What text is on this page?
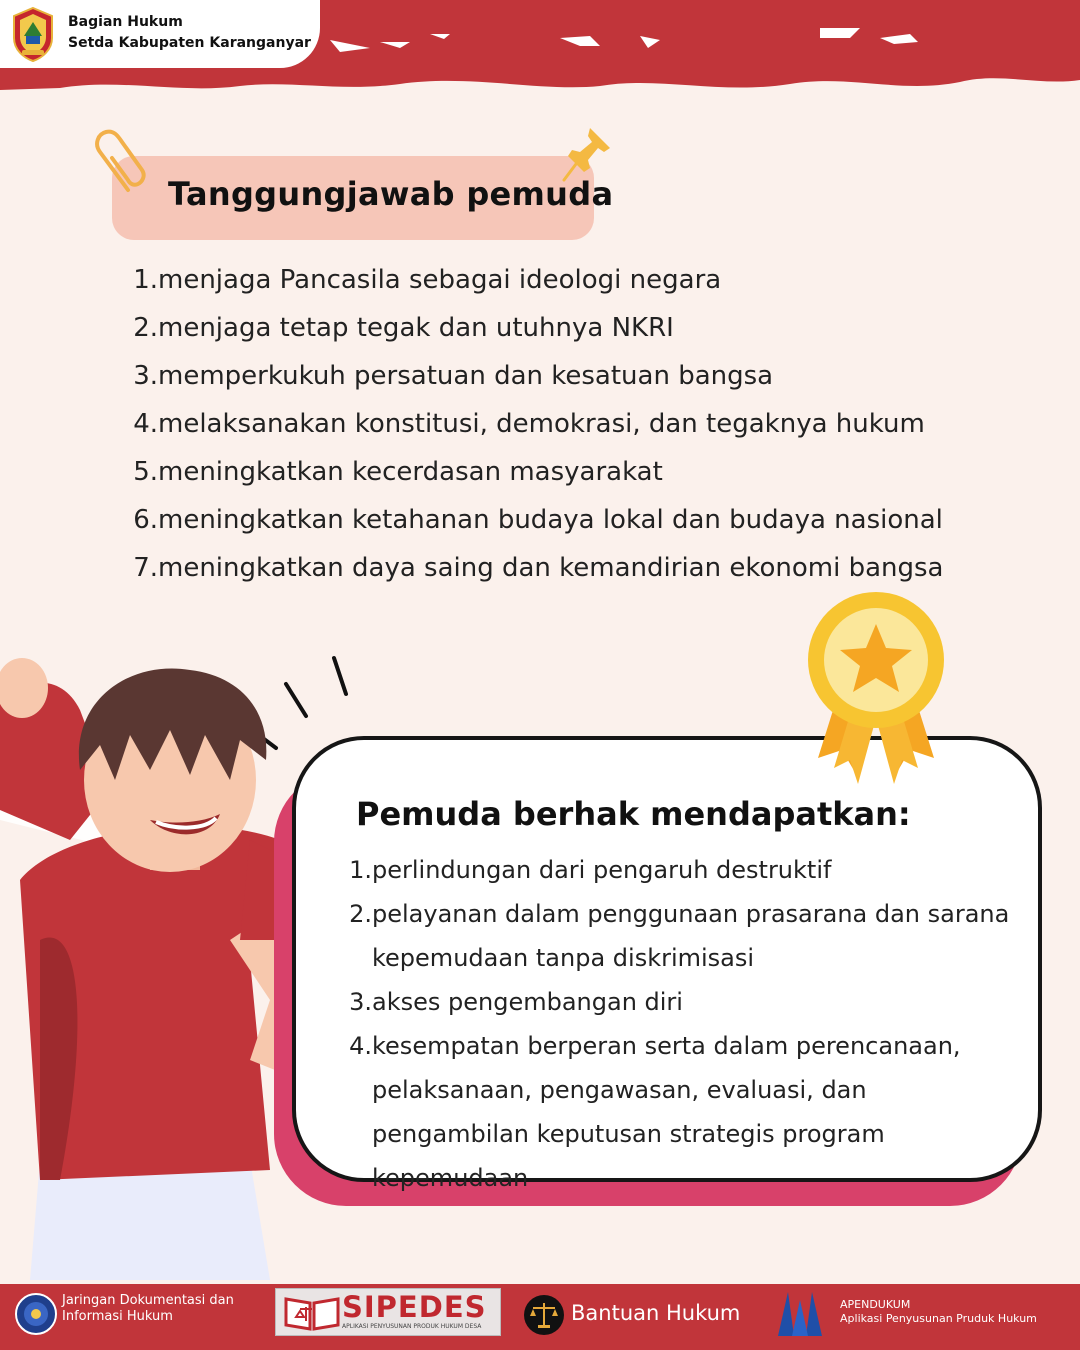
Bagian Hukum
Setda Kabupaten Karanganyar
Tanggungjawab pemuda
1. menjaga Pancasila sebagai ideologi negara
2. menjaga tetap tegak dan utuhnya NKRI
3. memperkukuh persatuan dan kesatuan bangsa
4. melaksanakan konstitusi, demokrasi, dan tegaknya hukum
5. meningkatkan kecerdasan masyarakat
6. meningkatkan ketahanan budaya lokal dan budaya nasional
7. meningkatkan daya saing dan kemandirian ekonomi bangsa
Pemuda berhak mendapatkan:
1. perlindungan dari pengaruh destruktif
2. pelayanan dalam penggunaan prasarana dan sarana kepemudaan tanpa diskrimisasi
3. akses pengembangan diri
4. kesempatan berperan serta dalam perencanaan, pelaksanaan, pengawasan, evaluasi, dan pengambilan keputusan strategis program kepemudaan
Jaringan Dokumentasi dan Informasi Hukum	SIPEDES
APLIKASI PENYUSUNAN PRODUK HUKUM DESA
Bantuan Hukum	APENDUKUM
Aplikasi Penyusunan Pruduk Hukum
